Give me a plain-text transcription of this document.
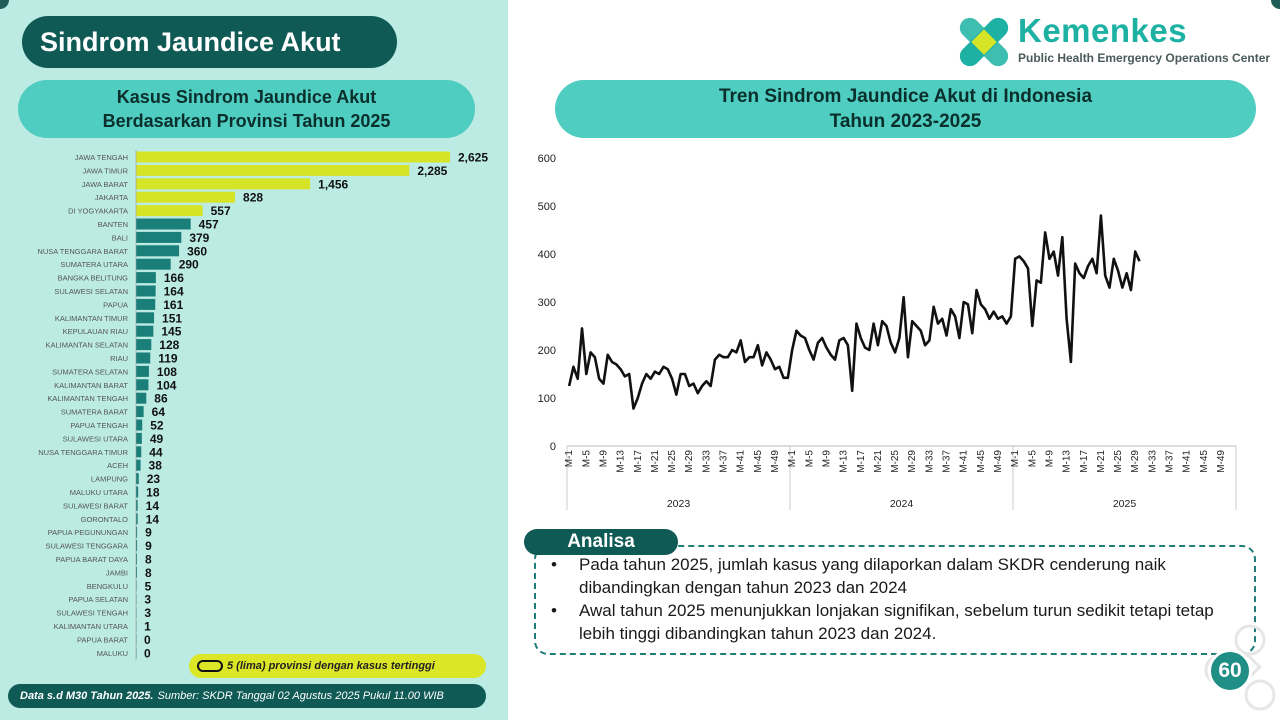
Sindrom Jaundice Akut
Kasus Sindrom Jaundice Akut
Berdasarkan Provinsi Tahun 2025
JAWA TENGAH	2,625
JAWA TIMUR	2,285
JAWA BARAT	1,456
JAKARTA	828
DI YOGYAKARTA	557
BANTEN	457
BALI	379
NUSA TENGGARA BARAT	360
SUMATERA UTARA	290
BANGKA BELITUNG	166
SULAWESI SELATAN	164
PAPUA	161
KALIMANTAN TIMUR	151
KEPULAUAN RIAU	145
KALIMANTAN SELATAN	128
RIAU	119
SUMATERA SELATAN 108
KALIMANTAN BARAT 104
KALIMANTAN TENGAH 86
SUMATERA BARAT 64
PAPUA TENGAH 52
SULAWESI UTARA 49
NUSA TENGGARA TIMUR 44
ACEH 38
LAMPUNG 23
MALUKU UTARA 18
SULAWESI BARAT 14
GORONTALO 14
PAPUA PEGUNUNGAN 9
SULAWESI TENGGARA 9
PAPUA BARAT DAYA 8
JAMBI 8
BENGKULU 5
PAPUA SELATAN 3
SULAWESI TENGAH 3
KALIMANTAN UTARA 1
PAPUA BARAT 0
MALUKU 0
5 (lima) provinsi dengan kasus tertinggi
Data s.d M30 Tahun 2025. Sumber: SKDR Tanggal 02 Agustus 2025 Pukul 11.00 WIB
Kemenkes
Public Health Emergency Operations Center
Tren Sindrom Jaundice Akut di Indonesia
Tahun 2023-2025
0
100
200
300
400
500
600
M-1 M-5 M-9 M-13 M-17 M-21 M-25 M-29 M-33 M-37 M-41 M-45 M-49
2023
M-1 M-5 M-9 M-13 M-17 M-21 M-25 M-29 M-33 M-37 M-41 M-45 M-49
2024
M-1 M-5 M-9 M-13 M-17 M-21 M-25 M-29 M-33 M-37 M-41 M-45 M-49
2025
Analisa
• Pada tahun 2025, jumlah kasus yang dilaporkan dalam SKDR cenderung naik dibandingkan dengan tahun 2023 dan 2024
• Awal tahun 2025 menunjukkan lonjakan signifikan, sebelum turun sedikit tetapi tetap lebih tinggi dibandingkan tahun 2023 dan 2024.
60
